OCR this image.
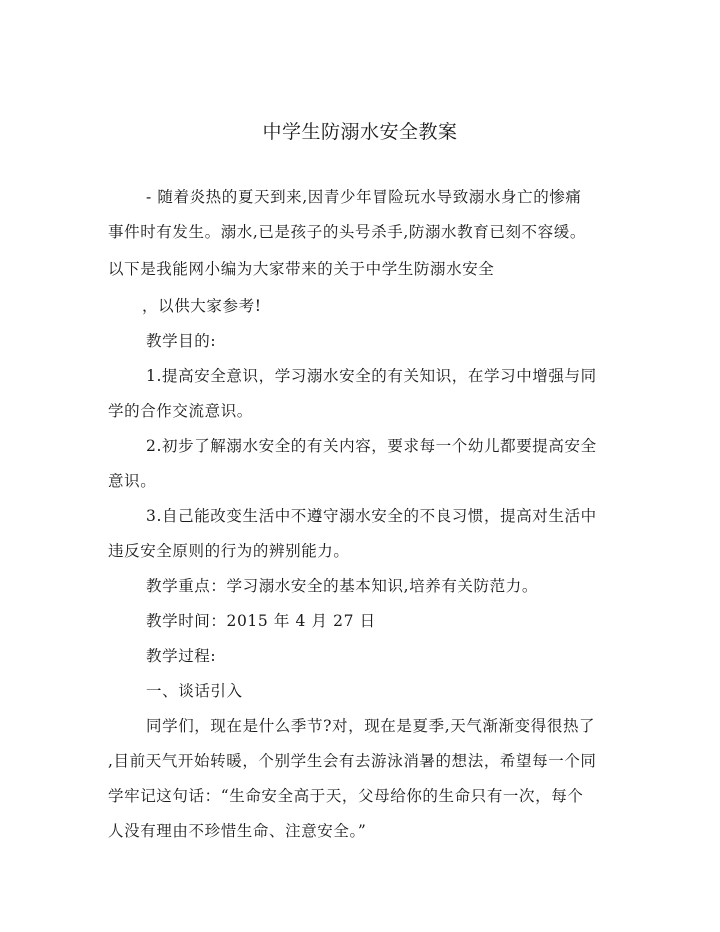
中学生防溺水安全教案
- 随着炎热的夏天到来,因青少年冒险玩水导致溺水身亡的惨痛
事件时有发生。溺水,已是孩子的头号杀手,防溺水教育已刻不容缓。
以下是我能网小编为大家带来的关于中学生防溺水安全
，以供大家参考!
教学目的:
1.提高安全意识，学习溺水安全的有关知识，在学习中增强与同
学的合作交流意识。
2.初步了解溺水安全的有关内容，要求每一个幼儿都要提高安全
意识。
3.自己能改变生活中不遵守溺水安全的不良习惯，提高对生活中
违反安全原则的行为的辨别能力。
教学重点：学习溺水安全的基本知识,培养有关防范力。
教学时间：2015 年 4 月 27 日
教学过程:
一、谈话引入
同学们，现在是什么季节?对，现在是夏季,天气渐渐变得很热了
,目前天气开始转暖，个别学生会有去游泳消暑的想法，希望每一个同
学牢记这句话：“生命安全高于天，父母给你的生命只有一次，每个
人没有理由不珍惜生命、注意安全。”
